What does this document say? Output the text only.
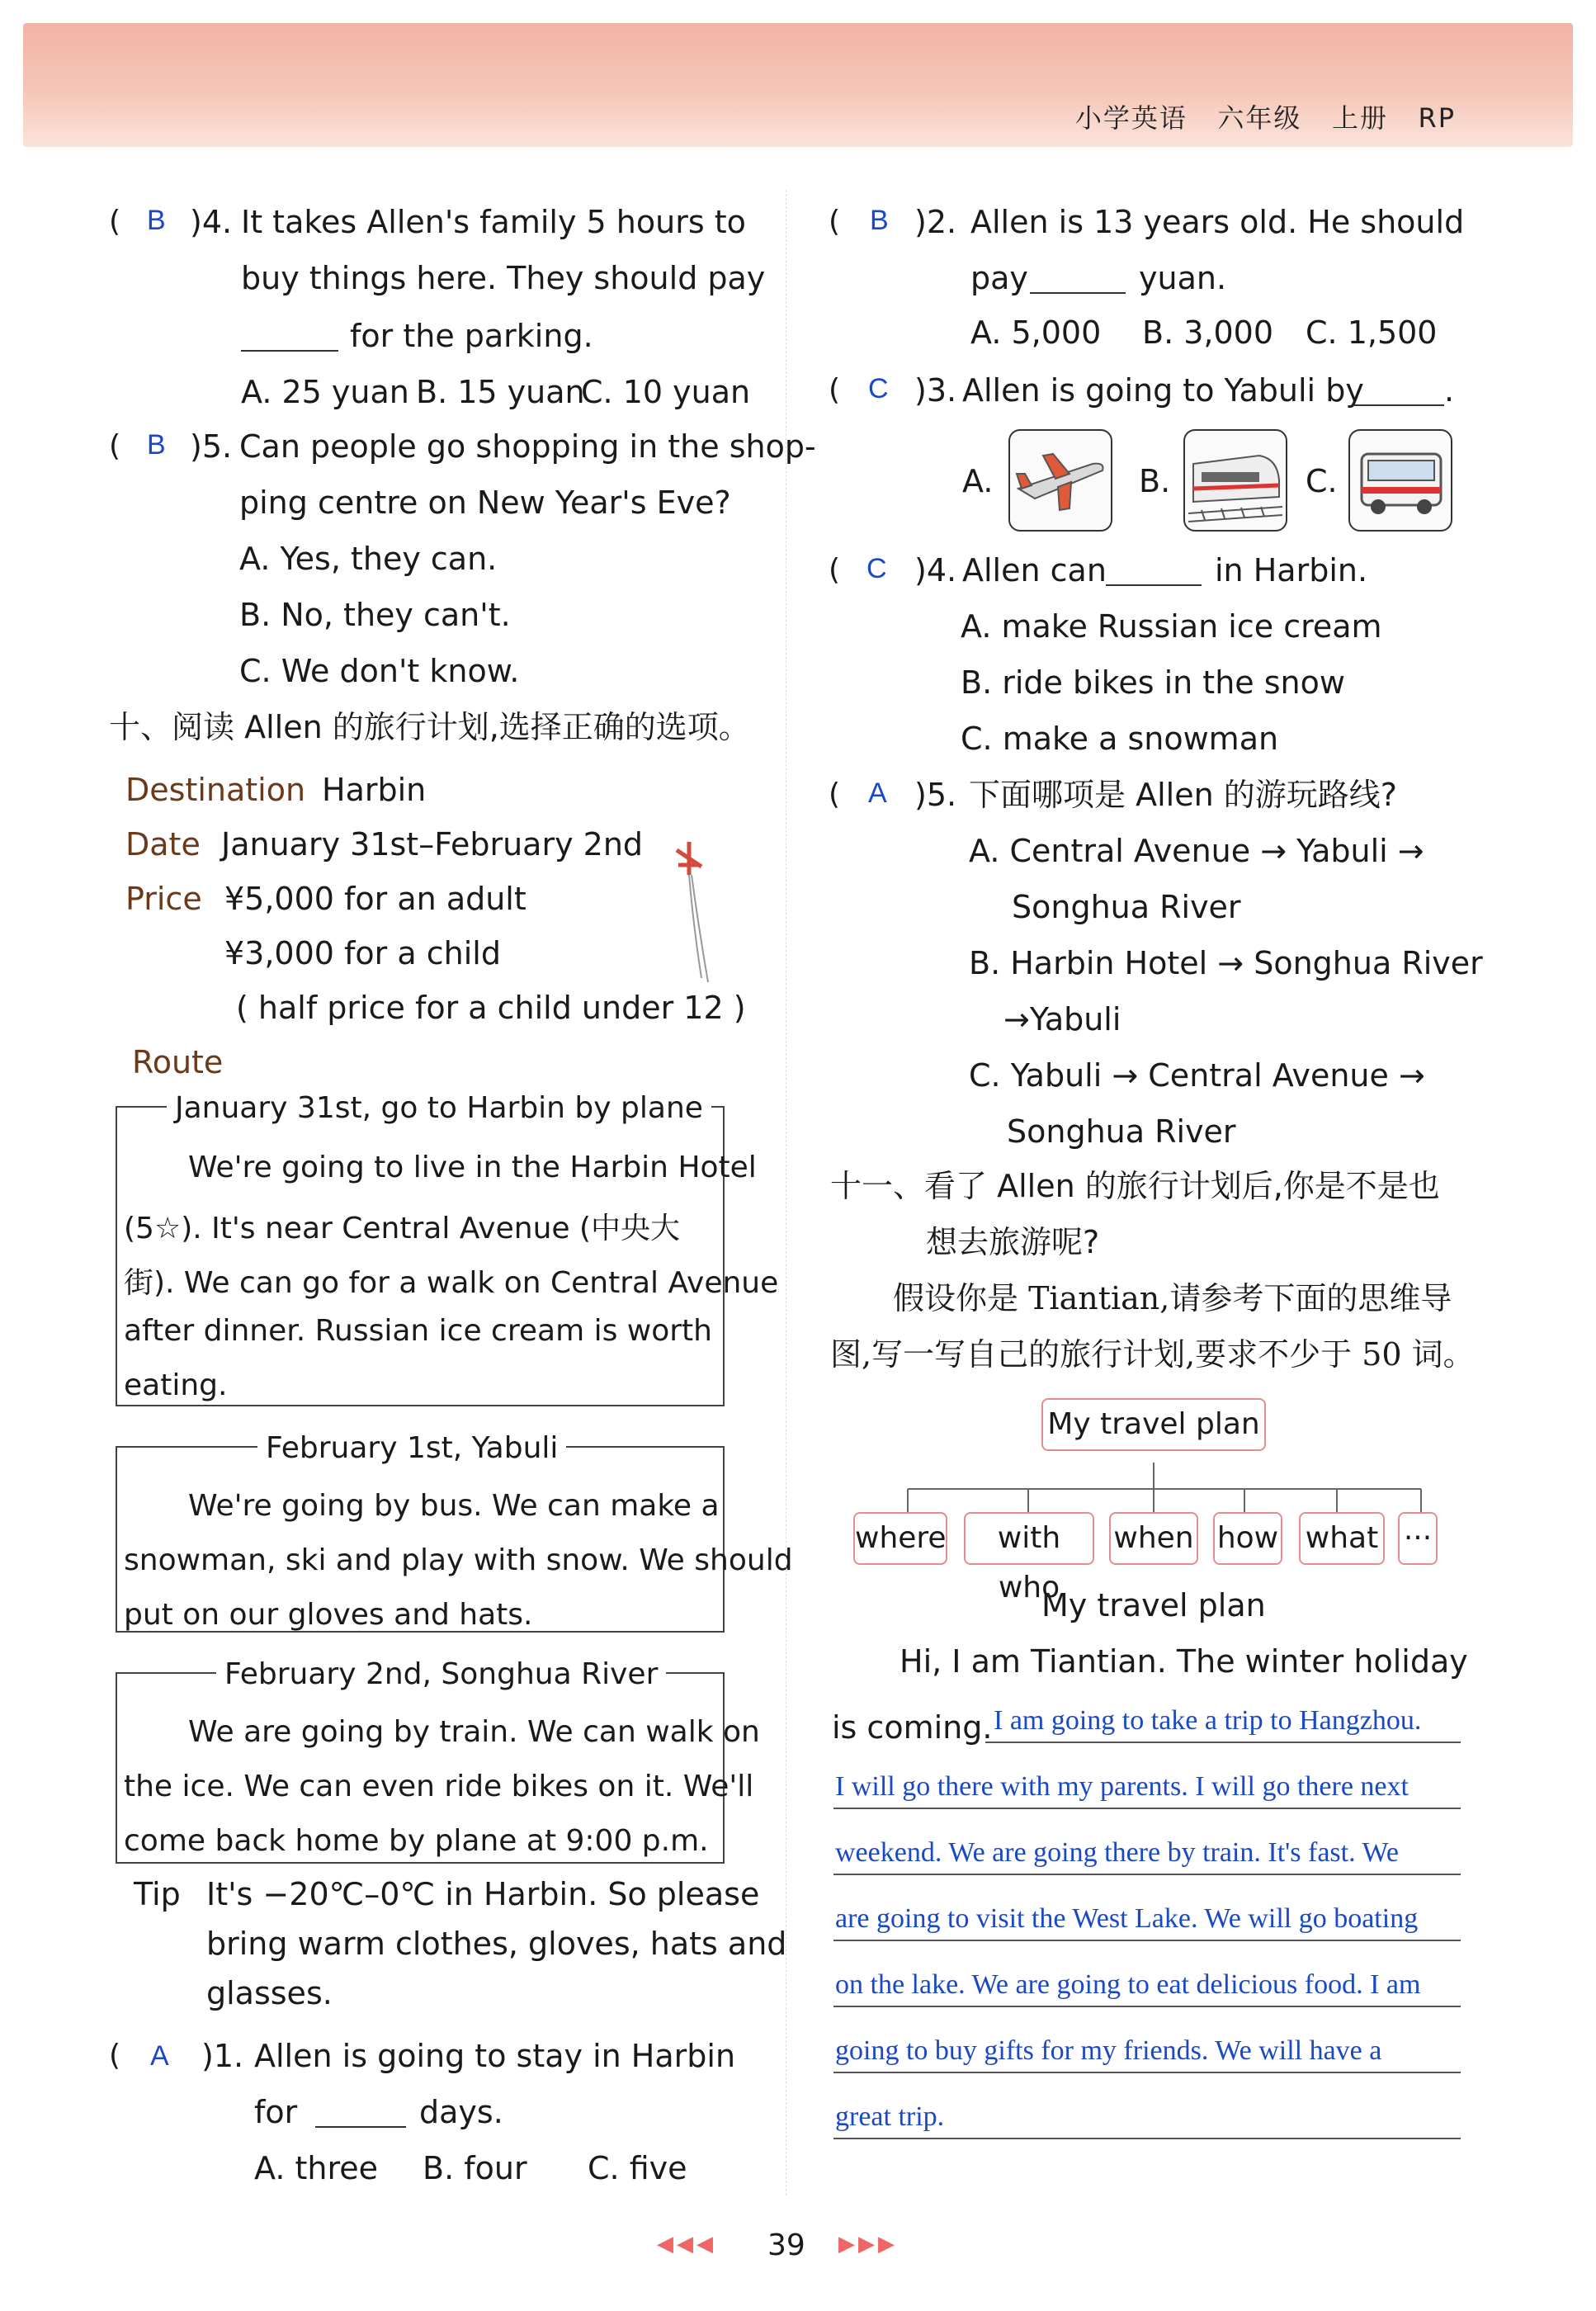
小学英语 六年级 上册 RP
( B )4. It takes Allen's family 5 hours to
buy things here. They should pay
for the parking.
A. 25 yuan B. 15 yuan
C. 10 yuan
( B )5. Can people go shopping in the shop-
ping centre on New Year's Eve?
A. Yes, they can.
B. No, they can't.
C. We don't know.
十、阅读 Allen 的旅行计划,选择正确的选项。
Destination Harbin
Date January 31st–February 2nd
Price ¥5,000 for an adult
¥3,000 for a child
( half price for a child under 12 )
Route
January 31st, go to Harbin by plane
We're going to live in the Harbin Hotel
(5☆). It's near Central Avenue (中央大
街). We can go for a walk on Central Avenue
after dinner. Russian ice cream is worth
eating.
February 1st, Yabuli
We're going by bus. We can make a
snowman, ski and play with snow. We should
put on our gloves and hats.
February 2nd, Songhua River
We are going by train. We can walk on
the ice. We can even ride bikes on it. We'll
come back home by plane at 9:00 p.m.
Tip It's −20℃–0℃ in Harbin. So please
bring warm clothes, gloves, hats and
glasses.
( A )1. Allen is going to stay in Harbin
for	days.
A. three B. four C. five
( B )2. Allen is 13 years old. He should
pay	yuan.
A. 5,000 B. 3,000 C. 1,500
( C )3. Allen is going to Yabuli by	.
A.	B.	C.
( C )4. Allen can	in Harbin.
A. make Russian ice cream
B. ride bikes in the snow
C. make a snowman
( A )5. 下面哪项是 Allen 的游玩路线?
A. Central Avenue → Yabuli →
Songhua River
B. Harbin Hotel → Songhua River
→Yabuli
C. Yabuli → Central Avenue →
Songhua River
十一、看了 Allen 的旅行计划后,你是不是也
想去旅游呢?
假设你是 Tiantian,请参考下面的思维导
图,写一写自己的旅行计划,要求不少于 50 词。
My travel plan
where	with who
when how what ···
My travel plan
Hi, I am Tiantian. The winter holiday
is coming. I am going to take a trip to Hangzhou.
I will go there with my parents. I will go there next
weekend. We are going there by train. It's fast. We
are going to visit the West Lake. We will go boating
on the lake. We are going to eat delicious food. I am
going to buy gifts for my friends. We will have a
great trip.
◀◀◀ 39 ▶▶▶
